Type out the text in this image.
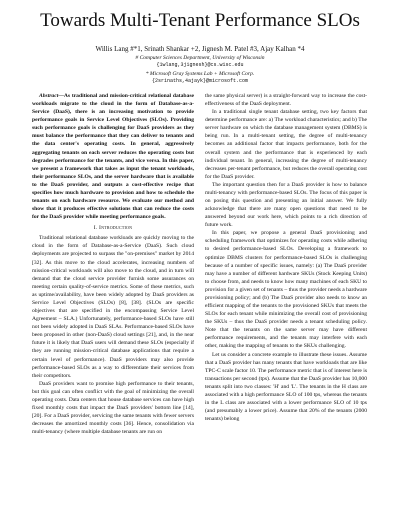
Towards Multi-Tenant Performance SLOs
Willis Lang #*1, Srinath Shankar +2, Jignesh M. Patel #3, Ajay Kalhan *4
# Computer Sciences Department, University of Wisconsin
{1wlang,3jignesh}@cs.wisc.edu
* Microsoft Gray Systems Lab + Microsoft Corp.
{2srinaths,4ajayk}@microsoft.com

Abstract—As traditional and mission-critical relational database workloads migrate to the cloud in the form of Database-as-a-Service (DaaS), there is an increasing motivation to provide performance goals in Service Level Objectives (SLOs). Providing such performance goals is challenging for DaaS providers as they must balance the performance that they can deliver to tenants and the data center's operating costs. In general, aggressively aggregating tenants on each server reduces the operating costs but degrades performance for the tenants, and vice versa. In this paper, we present a framework that takes as input the tenant workloads, their performance SLOs, and the server hardware that is available to the DaaS provider, and outputs a cost-effective recipe that specifies how much hardware to provision and how to schedule the tenants on each hardware resource. We evaluate our method and show that it produces effective solutions that can reduce the costs for the DaaS provider while meeting performance goals.

I. Introduction

Traditional relational database workloads are quickly moving to the cloud in the form of Database-as-a-Service (DaaS). Such cloud deployments are projected to surpass the "on-premises" market by 2014 [32]. As this move to the cloud accelerates, increasing numbers of mission-critical workloads will also move to the cloud, and in turn will demand that the cloud service provider furnish some assurances on meeting certain quality-of-service metrics. Some of these metrics, such as uptime/availability, have been widely adopted by DaaS providers as Service Level Objectives (SLOs) [8], [38]. (SLOs are specific objectives that are specified in the encompassing Service Level Agreement – SLA.) Unfortunately, performance-based SLOs have still not been widely adopted in DaaS SLAs. Performance-based SLOs have been proposed in other (non-DaaS) cloud settings [21], and, in the near future it is likely that DaaS users will demand these SLOs (especially if they are running mission-critical database applications that require a certain level of performance). DaaS providers may also provide performance-based SLOs as a way to differentiate their services from their competitors.

DaaS providers want to promise high performance to their tenants, but this goal can often conflict with the goal of minimizing the overall operating costs. Data centers that house database services can have high fixed monthly costs that impact the DaaS providers' bottom line [14], [20]. For a DaaS provider, servicing the same tenants with fewer servers decreases the amortized monthly costs [36]. Hence, consolidation via multi-tenancy (where multiple database tenants are run on

the same physical server) is a straight-forward way to increase the cost-effectiveness of the DaaS deployment.

In a traditional single tenant database setting, two key factors that determine performance are: a) The workload characteristics; and b) The server hardware on which the database management system (DBMS) is being run. In a multi-tenant setting, the degree of multi-tenancy becomes an additional factor that impacts performance, both for the overall system and the performance that is experienced by each individual tenant. In general, increasing the degree of multi-tenancy decreases per-tenant performance, but reduces the overall operating cost for the DaaS provider.

The important question then for a DaaS provider is how to balance multi-tenancy with performance-based SLOs. The focus of this paper is on posing this question and presenting an initial answer. We fully acknowledge that there are many open questions that need to be answered beyond our work here, which points to a rich direction of future work.

In this paper, we propose a general DaaS provisioning and scheduling framework that optimizes for operating costs while adhering to desired performance-based SLOs. Developing a framework to optimize DBMS clusters for performance-based SLOs is challenging because of a number of specific issues, namely: (a) The DaaS provider may have a number of different hardware SKUs (Stock Keeping Units) to choose from, and needs to know how many machines of each SKU to provision for a given set of tenants – thus the provider needs a hardware provisioning policy; and (b) The DaaS provider also needs to know an efficient mapping of the tenants to the provisioned SKUs that meets the SLOs for each tenant while minimizing the overall cost of provisioning the SKUs – thus the DaaS provider needs a tenant scheduling policy. Note that the tenants on the same server may have different performance requirements, and the tenants may interfere with each other, making the mapping of tenants to the SKUs challenging.

Let us consider a concrete example to illustrate these issues. Assume that a DaaS provider has many tenants that have workloads that are like TPC-C scale factor 10. The performance metric that is of interest here is transactions per second (tps). Assume that the DaaS provider has 10,000 tenants split into two classes: 'H' and 'L'. The tenants in the H class are associated with a high performance SLO of 100 tps, whereas the tenants in the L class are associated with a lower performance SLO of 10 tps (and presumably a lower price). Assume that 20% of the tenants (2000 tenants) belong
